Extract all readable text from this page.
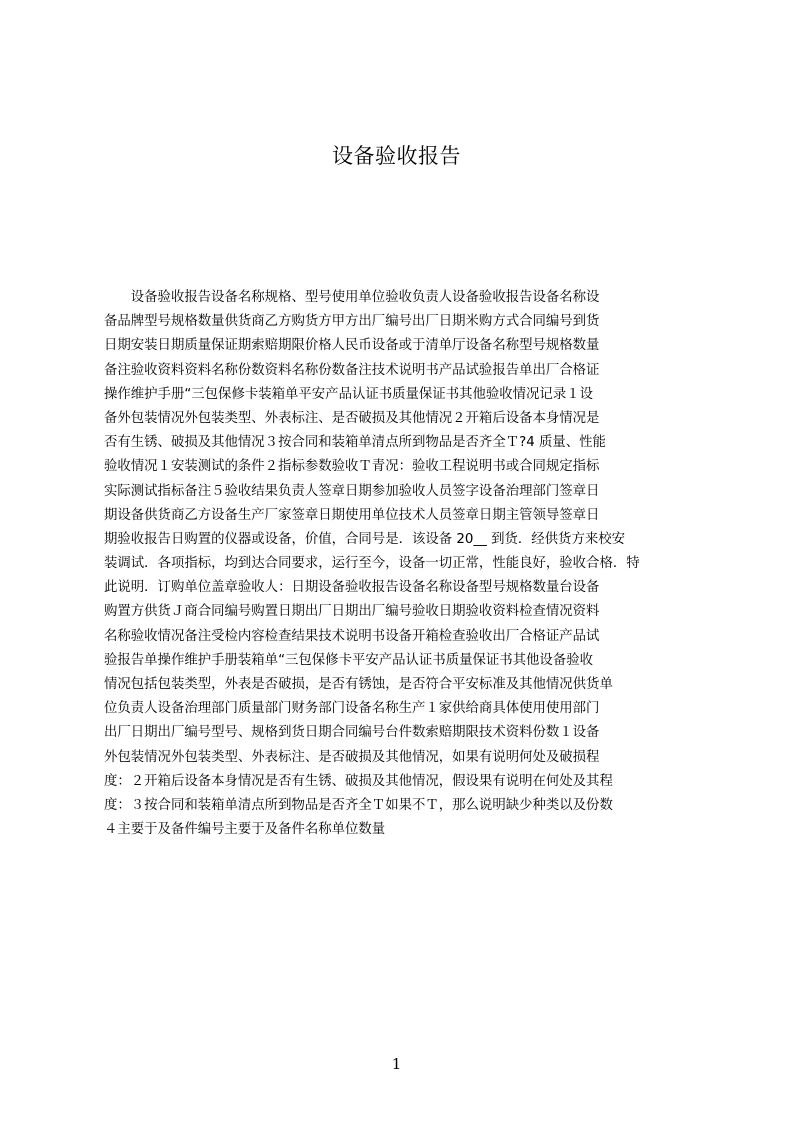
设备验收报告
　　设备验收报告设备名称规格、型号使用单位验收负责人设备验收报告设备名称设
备品牌型号规格数量供货商乙方购货方甲方出厂编号出厂日期米购方式合同编号到货
日期安装日期质量保证期索赔期限价格人民币设备或于清单厅设备名称型号规格数量
备注验收资料资料名称份数资料名称份数备注技术说明书产品试验报告单出厂合格证
操作维护手册“三包保修卡装箱单平安产品认证书质量保证书其他验收情况记录１设
备外包装情况外包装类型、外表标注、是否破损及其他情况２开箱后设备本身情况是
否有生锈、破损及其他情况３按合同和装箱单清点所到物品是否齐全Ｔ?4 质量、性能
验收情况１安装测试的条件２指标参数验收Ｔ青况：验收工程说明书或合同规定指标
实际测试指标备注５验收结果负责人签章日期参加验收人员签字设备治理部门签章日
期设备供货商乙方设备生产厂家签章日期使用单位技术人员签章日期主管领导签章日
期验收报告日购置的仪器或设备，价值，合同号是．该设备 20__ 到货．经供货方来校安
装调试．各项指标，均到达合同要求，运行至今，设备一切正常，性能良好，验收合格．特
此说明．订购单位盖章验收人：日期设备验收报告设备名称设备型号规格数量台设备
购置方供货Ｊ商合同编号购置日期出厂日期出厂编号验收日期验收资料检查情况资料
名称验收情况备注受检内容检查结果技术说明书设备开箱检查验收出厂合格证产品试
验报告单操作维护手册装箱单“三包保修卡平安产品认证书质量保证书其他设备验收
情况包括包装类型，外表是否破损，是否有锈蚀，是否符合平安标准及其他情况供货单
位负责人设备治理部门质量部门财务部门设备名称生产１家供给商具体使用使用部门
出厂日期出厂编号型号、规格到货日期合同编号台件数索赔期限技术资料份数１设备
外包装情况外包装类型、外表标注、是否破损及其他情况，如果有说明何处及破损程
度：２开箱后设备本身情况是否有生锈、破损及其他情况，假设果有说明在何处及其程
度：３按合同和装箱单清点所到物品是否齐全Ｔ如果不Ｔ，那么说明缺少种类以及份数
４主要于及备件编号主要于及备件名称单位数量
1
